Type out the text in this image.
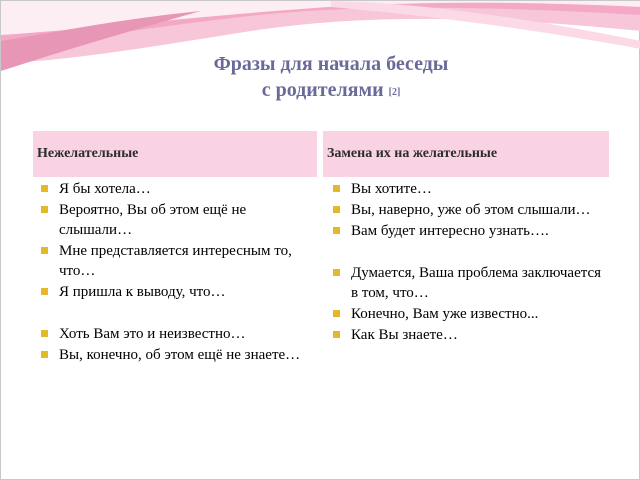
Фразы для начала беседы
с родителями [2]
Нежелательные	Замена их на желательные
Я бы хотела…
Вероятно, Вы об этом ещё не слышали…
Мне представляется интересным то, что…
Я пришла к выводу, что…
Хоть Вам это и неизвестно…
Вы, конечно, об этом ещё не знаете…
Вы хотите…
Вы, наверно, уже об этом слышали…
Вам будет интересно узнать….
Думается, Ваша проблема заключается в том, что…
Конечно, Вам уже известно...
Как Вы знаете…
